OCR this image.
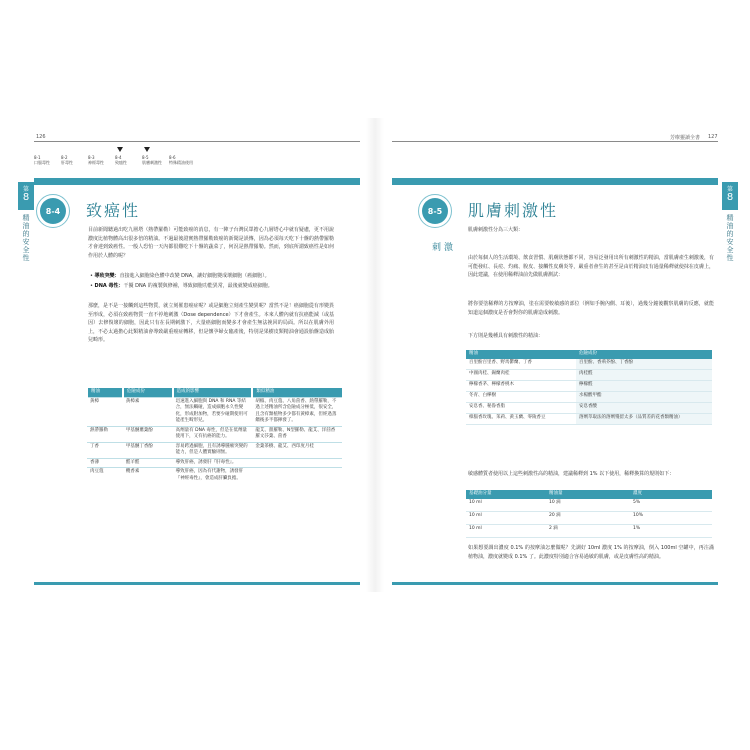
126
8-1
口服毒性
8-2
肝毒性
8-3
神經毒性
8-4
致癌性
8-5
肌膚刺激性
8-6
特殊精油使用
第
8
精油的安全性
8-4	致癌性
目前新聞聽過出吃九層塔（熱帶羅勒）可能致癌的消息，有一陣子台灣民眾擔心九層塔心中就有疑慮，更不用說濃度比植物體高出很多倍的精油。不過最後證實熱帶羅勒致癌的新聞是誤傳，因為必須每天吃下十盤的熱帶羅勒才會達到致癌性。一般人恐怕一天內都很難吃下十盤的蔬菜了，何況是熱帶羅勒。然而，到底所謂致癌性是如何作用於人體的呢？
• 導致突變：直接進入細胞染色體中改變 DNA，讓好細胞變成壞細胞（癌細胞）。
• DNA 毒性：干擾 DNA 的複製與修補，導致細胞功能異常，最後就變成癌細胞。
那麼，是不是一接觸到這些物質，就立刻罹患癌症呢？或是細胞立刻產生變異呢？當然不是！癌細胞從有形變異至形成，必須在致癌物質一直不停地刺激（Dose dependence）下才會產生。本來人體內就有抗癌能減（或基因）去修復壞的細胞，因此只有在長期刺激下，大量癌細胞而變多才會產生無法挽回的局面。所以在肌膚外用上，不必太過擔心此類精油會導致嚴重癌症轉移，但是懷孕婦女臨產後，特別是果樹皮類精油會通設胎盤造成胎兒畸形。
精油	危險成份	造成的影響	類似精油
黃樟	黃樟素	迅速進入細胞與 DNA 和 RNA 等結合，無法觸碰，造成細胞永久性變化，形成附加物，若要少碰期使用可能產生畸形兒。	胡椒、肉豆蔻、八角茴香、熱帶羅勒，不過上述精油所含危險成分極低，很安全，且含有類植物多少都有黃樟素，但經過蒸餾後多半都揮發了。
熱帶羅勒	甲基醚蔞葉酚	高劑量有 DNA 毒性，但是在低劑量使用下，又有抗癌的能力。	龍艾、甜羅勒、N型羅勒、龍艾、洋茴香羅文莎葉、茴香
丁香	甲基醚丁香酚	容易跨過細胞，且有誘導腫瘤突變的能力，但是人體實驗則無。	金葉茶樹、龍艾、西印度月桂
香薄	醛羊醛	導致肝癌，誘發肝『肝毒性』。	
肉豆蔻	欖香素	導致肝癌，因為有代謝物，誘發肝『神經毒性』，會造成肝臟負擔。	
127
芳療靈讀全書
第
8
精油的安全性
8-5	肌膚刺激性
刺激
肌膚刺激性分為三大類：
由於每個人的生活環境、飲食習慣、肌膚狀態都不同，容易泛發用出所有刺激性的精油，當肌膚產生刺激後，有可能發紅、長痘、灼痛、脫皮、接觸性皮膚炎等，嚴重者會生的甚至是由於精油皮有過量稀釋就使抹在皮膚上，因此建議，在使用稀釋油前先做肌膚測試：
將你要塗稀釋的方按摩油，塗在需要較敏感的部位（例如手腕內側、耳後），過幾分鐘後觀察肌膚的反應，就能知道這個濃度是否會對你的肌膚造成刺激。
下方則是幾種具有刺激性的精油：
精油	危險成份
百里酚百里香、野馬鬱蘭、丁香	百里酚、香荊芥酚、丁香酚
中國肉桂、錫蘭肉桂	肉桂醛
檸檬香茅、檸檬香桃木	檸檬醛
冬青、白樺樹	水楊酸甲酯
安息香、秘魯香脂	安息香酸
樟腦香玫瑰、茉莉、黃玉蘭、零陵香豆	溶劑萃取法的溶劑殘留太多（品質差的花香類精油）
敏感體質者使用以上這些刺激性高的精油，建議稀釋到 1% 以下使用，稀釋換算的規則如下：
基礎油分量	精油量	濃度
10 ml	10 滴	5%
10 ml	20 滴	10%
10 ml	2 滴	1%
如果想要調出濃度 0.1% 的按摩油怎麼做呢？先調好 10ml 濃度 1% 的按摩油，倒入 100ml 空罐中，再注滿植物油，濃度就變成 0.1% 了。此濃度特別適合容易過敏的肌膚，或是皮膚性高的精油。
